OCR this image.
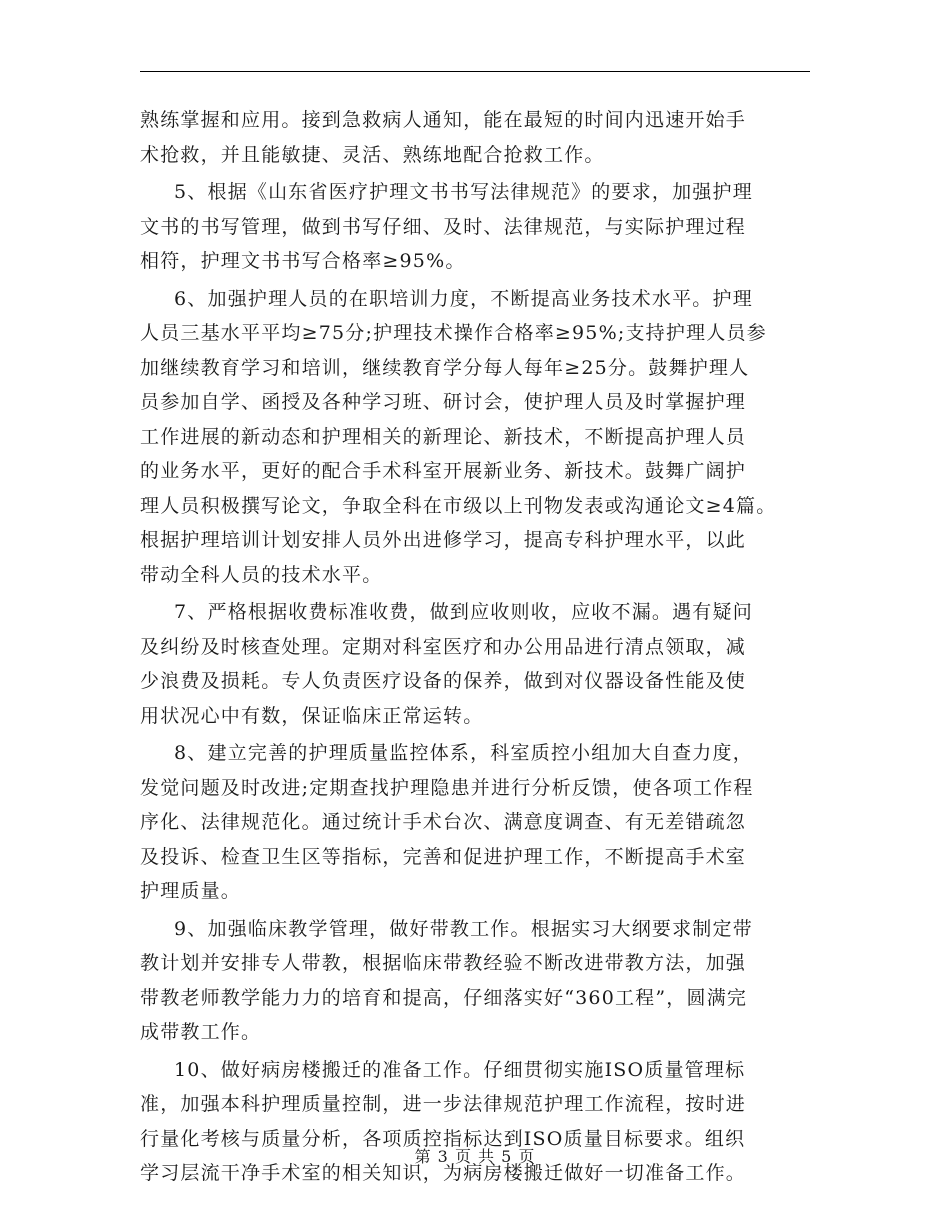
熟练掌握和应用。接到急救病人通知，能在最短的时间内迅速开始手
术抢救，并且能敏捷、灵活、熟练地配合抢救工作。
5、根据《山东省医疗护理文书书写法律规范》的要求，加强护理
文书的书写管理，做到书写仔细、及时、法律规范，与实际护理过程
相符，护理文书书写合格率≥95%。
6、加强护理人员的在职培训力度，不断提高业务技术水平。护理
人员三基水平平均≥75分;护理技术操作合格率≥95%;支持护理人员参
加继续教育学习和培训，继续教育学分每人每年≥25分。鼓舞护理人
员参加自学、函授及各种学习班、研讨会，使护理人员及时掌握护理
工作进展的新动态和护理相关的新理论、新技术，不断提高护理人员
的业务水平，更好的配合手术科室开展新业务、新技术。鼓舞广阔护
理人员积极撰写论文，争取全科在市级以上刊物发表或沟通论文≥4篇。
根据护理培训计划安排人员外出进修学习，提高专科护理水平，以此
带动全科人员的技术水平。
7、严格根据收费标准收费，做到应收则收，应收不漏。遇有疑问
及纠纷及时核查处理。定期对科室医疗和办公用品进行清点领取，减
少浪费及损耗。专人负责医疗设备的保养，做到对仪器设备性能及使
用状况心中有数，保证临床正常运转。
8、建立完善的护理质量监控体系，科室质控小组加大自查力度，
发觉问题及时改进;定期查找护理隐患并进行分析反馈，使各项工作程
序化、法律规范化。通过统计手术台次、满意度调查、有无差错疏忽
及投诉、检查卫生区等指标，完善和促进护理工作，不断提高手术室
护理质量。
9、加强临床教学管理，做好带教工作。根据实习大纲要求制定带
教计划并安排专人带教，根据临床带教经验不断改进带教方法，加强
带教老师教学能力力的培育和提高，仔细落实好“360工程”，圆满完
成带教工作。
10、做好病房楼搬迁的准备工作。仔细贯彻实施ISO质量管理标
准，加强本科护理质量控制，进一步法律规范护理工作流程，按时进
行量化考核与质量分析，各项质控指标达到ISO质量目标要求。组织
学习层流干净手术室的相关知识，为病房楼搬迁做好一切准备工作。
第 3 页 共 5 页
